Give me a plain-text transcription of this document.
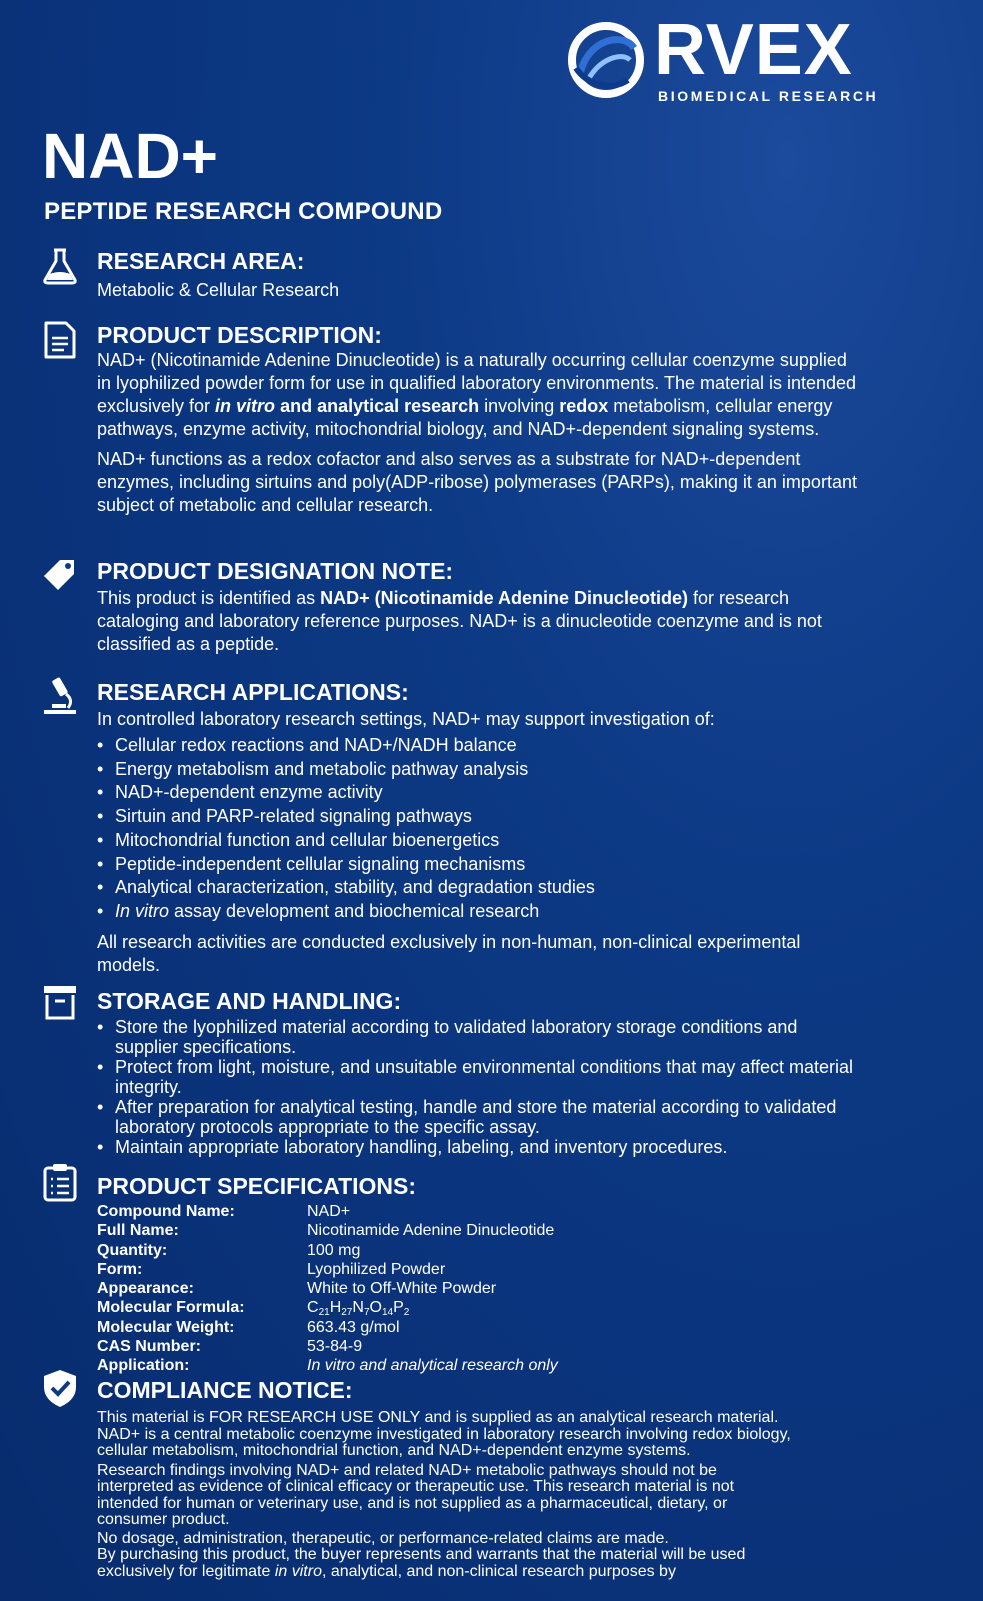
RVEX
BIOMEDICAL RESEARCH
NAD+
PEPTIDE RESEARCH COMPOUND

RESEARCH AREA:

Metabolic & Cellular Research

PRODUCT DESCRIPTION:

NAD+ (Nicotinamide Adenine Dinucleotide) is a naturally occurring cellular coenzyme supplied in lyophilized powder form for use in qualified laboratory environments. The material is intended exclusively for in vitro and analytical research involving redox metabolism, cellular energy pathways, enzyme activity, mitochondrial biology, and NAD+-dependent signaling systems.

NAD+ functions as a redox cofactor and also serves as a substrate for NAD+-dependent enzymes, including sirtuins and poly(ADP-ribose) polymerases (PARPs), making it an important subject of metabolic and cellular research.

PRODUCT DESIGNATION NOTE:

This product is identified as NAD+ (Nicotinamide Adenine Dinucleotide) for research cataloging and laboratory reference purposes. NAD+ is a dinucleotide coenzyme and is not classified as a peptide.

RESEARCH APPLICATIONS:

In controlled laboratory research settings, NAD+ may support investigation of:

• Cellular redox reactions and NAD+/NADH balance
• Energy metabolism and metabolic pathway analysis
• NAD+-dependent enzyme activity
• Sirtuin and PARP-related signaling pathways
• Mitochondrial function and cellular bioenergetics
• Peptide-independent cellular signaling mechanisms
• Analytical characterization, stability, and degradation studies
• In vitro assay development and biochemical research

All research activities are conducted exclusively in non-human, non-clinical experimental models.

STORAGE AND HANDLING:

• Store the lyophilized material according to validated laboratory storage conditions and supplier specifications.
• Protect from light, moisture, and unsuitable environmental conditions that may affect material integrity.
• After preparation for analytical testing, handle and store the material according to validated laboratory protocols appropriate to the specific assay.
• Maintain appropriate laboratory handling, labeling, and inventory procedures.

PRODUCT SPECIFICATIONS:

Compound Name:	NAD+
Full Name:	Nicotinamide Adenine Dinucleotide
Quantity:	100 mg
Form:	Lyophilized Powder
Appearance:	White to Off-White Powder
Molecular Formula:	$C_{21}H_{27}N_7O_{14}P_2$
Molecular Weight:	663.43 g/mol
CAS Number:	53-84-9
Application:	In vitro and analytical research only

COMPLIANCE NOTICE:

This material is FOR RESEARCH USE ONLY and is supplied as an analytical research material. NAD+ is a central metabolic coenzyme investigated in laboratory research involving redox biology, cellular metabolism, mitochondrial function, and NAD+-dependent enzyme systems.

Research findings involving NAD+ and related NAD+ metabolic pathways should not be interpreted as evidence of clinical efficacy or therapeutic use. This research material is not intended for human or veterinary use, and is not supplied as a pharmaceutical, dietary, or consumer product.

No dosage, administration, therapeutic, or performance-related claims are made.

By purchasing this product, the buyer represents and warrants that the material will be used exclusively for legitimate in vitro, analytical, and non-clinical research purposes by
